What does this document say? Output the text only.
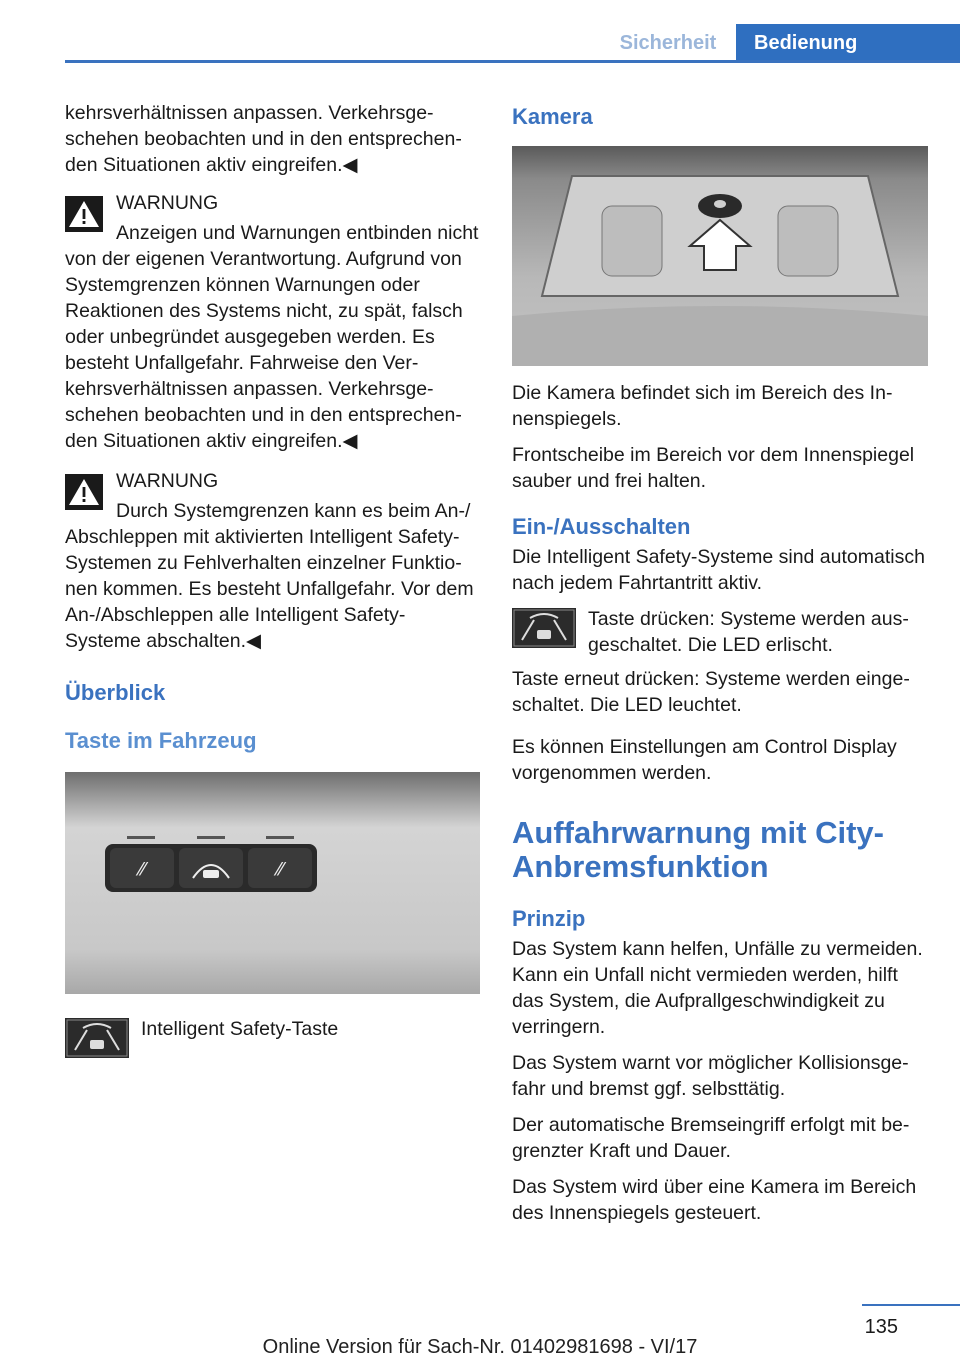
Sicherheit	Bedienung

kehrsverhältnissen anpassen. Verkehrsgeschehen beobachten und in den entsprechenden Situationen aktiv eingreifen.◀

WARNUNG

Anzeigen und Warnungen entbinden nicht von der eigenen Verantwortung. Aufgrund von Systemgrenzen können Warnungen oder Reaktionen des Systems nicht, zu spät, falsch oder unbegründet ausgegeben werden. Es besteht Unfallgefahr. Fahrweise den Verkehrsverhältnissen anpassen. Verkehrsgeschehen beobachten und in den entsprechenden Situationen aktiv eingreifen.◀

WARNUNG

Durch Systemgrenzen kann es beim An-/ Abschleppen mit aktivierten Intelligent Safety-Systemen zu Fehlverhalten einzelner Funktionen kommen. Es besteht Unfallgefahr. Vor dem An-/Abschleppen alle Intelligent Safety-Systeme abschalten.◀

Überblick
Taste im Fahrzeug
⁄⁄	⁄⁄
Intelligent Safety-Taste
Kamera

Die Kamera befindet sich im Bereich des Innenspiegels.

Frontscheibe im Bereich vor dem Innenspiegel sauber und frei halten.

Ein-/Ausschalten

Die Intelligent Safety-Systeme sind automatisch nach jedem Fahrtantritt aktiv.

Taste drücken: Systeme werden ausgeschaltet. Die LED erlischt.

Taste erneut drücken: Systeme werden eingeschaltet. Die LED leuchtet.

Es können Einstellungen am Control Display vorgenommen werden.

Auffahrwarnung mit City-Anbremsfunktion
Prinzip

Das System kann helfen, Unfälle zu vermeiden. Kann ein Unfall nicht vermieden werden, hilft das System, die Aufprallgeschwindigkeit zu verringern.

Das System warnt vor möglicher Kollisionsgefahr und bremst ggf. selbsttätig.

Der automatische Bremseingriff erfolgt mit begrenzter Kraft und Dauer.

Das System wird über eine Kamera im Bereich des Innenspiegels gesteuert.

135
Online Version für Sach-Nr. 01402981698 - VI/17
